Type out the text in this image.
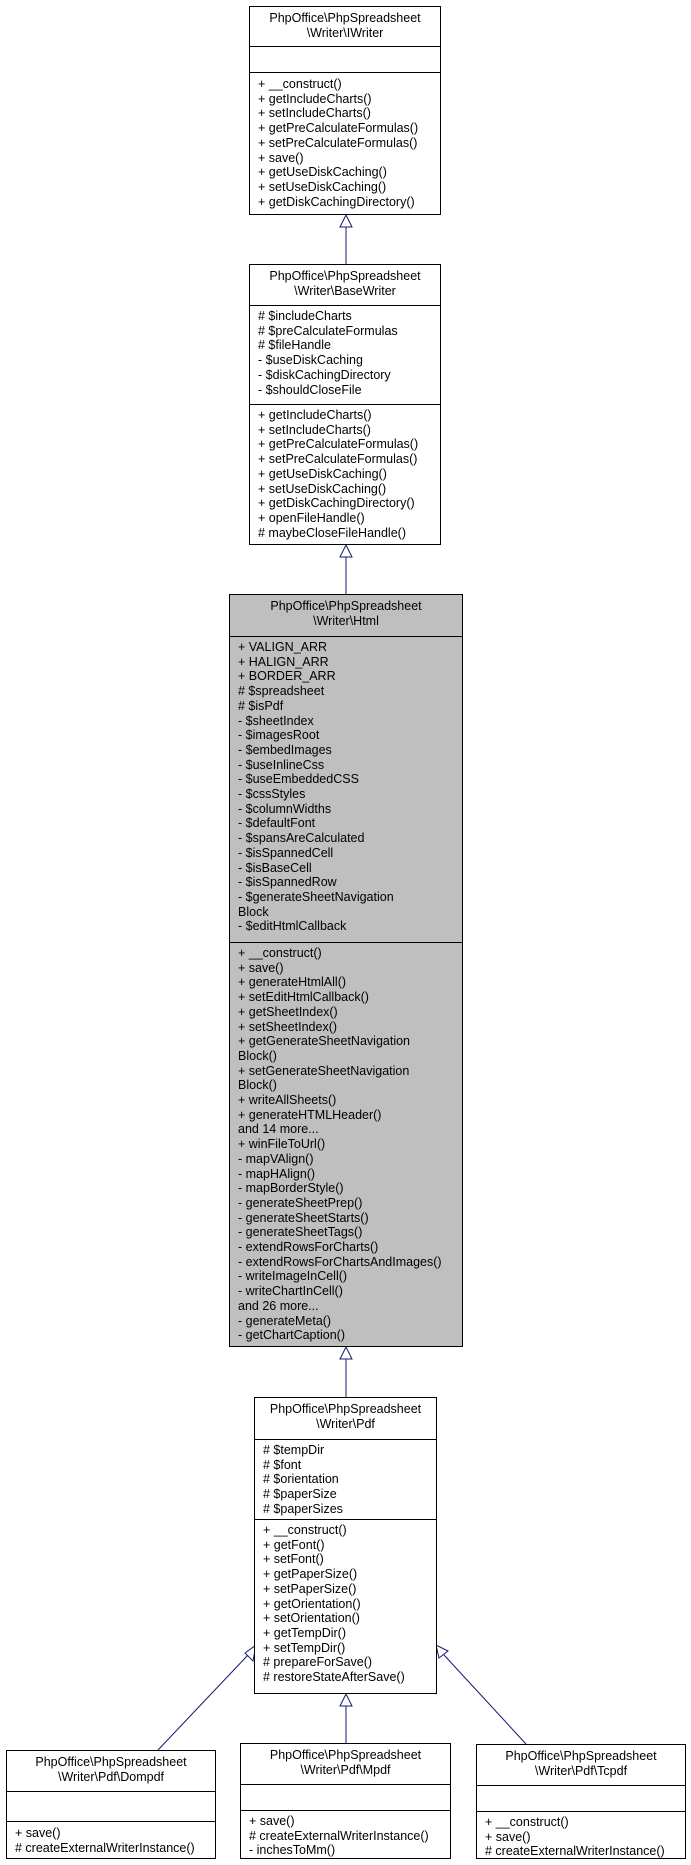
PhpOffice\PhpSpreadsheet
\Writer\IWriter
+ __construct()
+ getIncludeCharts()
+ setIncludeCharts()
+ getPreCalculateFormulas()
+ setPreCalculateFormulas()
+ save()
+ getUseDiskCaching()
+ setUseDiskCaching()
+ getDiskCachingDirectory()
PhpOffice\PhpSpreadsheet
\Writer\BaseWriter
# $includeCharts
# $preCalculateFormulas
# $fileHandle
- $useDiskCaching
- $diskCachingDirectory
- $shouldCloseFile
+ getIncludeCharts()
+ setIncludeCharts()
+ getPreCalculateFormulas()
+ setPreCalculateFormulas()
+ getUseDiskCaching()
+ setUseDiskCaching()
+ getDiskCachingDirectory()
+ openFileHandle()
# maybeCloseFileHandle()
PhpOffice\PhpSpreadsheet
\Writer\Html
+ VALIGN_ARR
+ HALIGN_ARR
+ BORDER_ARR
# $spreadsheet
# $isPdf
- $sheetIndex
- $imagesRoot
- $embedImages
- $useInlineCss
- $useEmbeddedCSS
- $cssStyles
- $columnWidths
- $defaultFont
- $spansAreCalculated
- $isSpannedCell
- $isBaseCell
- $isSpannedRow
- $generateSheetNavigation
Block
- $editHtmlCallback
+ __construct()
+ save()
+ generateHtmlAll()
+ setEditHtmlCallback()
+ getSheetIndex()
+ setSheetIndex()
+ getGenerateSheetNavigation
Block()
+ setGenerateSheetNavigation
Block()
+ writeAllSheets()
+ generateHTMLHeader()
and 14 more...
+ winFileToUrl()
- mapVAlign()
- mapHAlign()
- mapBorderStyle()
- generateSheetPrep()
- generateSheetStarts()
- generateSheetTags()
- extendRowsForCharts()
- extendRowsForChartsAndImages()
- writeImageInCell()
- writeChartInCell()
and 26 more...
- generateMeta()
- getChartCaption()
PhpOffice\PhpSpreadsheet
\Writer\Pdf
# $tempDir
# $font
# $orientation
# $paperSize
# $paperSizes
+ __construct()
+ getFont()
+ setFont()
+ getPaperSize()
+ setPaperSize()
+ getOrientation()
+ setOrientation()
+ getTempDir()
+ setTempDir()
# prepareForSave()
# restoreStateAfterSave()
PhpOffice\PhpSpreadsheet
\Writer\Pdf\Dompdf
+ save()
# createExternalWriterInstance()
PhpOffice\PhpSpreadsheet
\Writer\Pdf\Mpdf
+ save()
# createExternalWriterInstance()
- inchesToMm()
PhpOffice\PhpSpreadsheet
\Writer\Pdf\Tcpdf
+ __construct()
+ save()
# createExternalWriterInstance()
